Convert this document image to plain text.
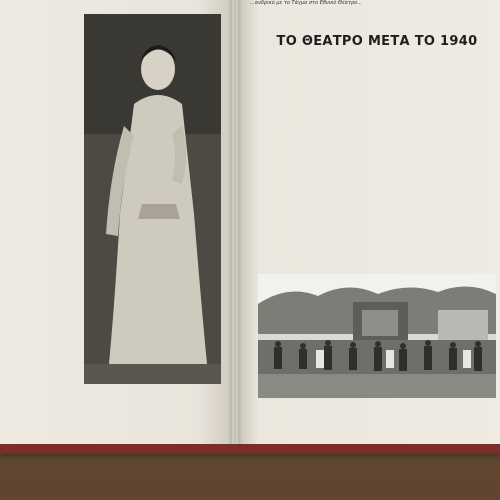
...ανδρικό με το Τάγμα στο Εθνικό Θέατρο...
ΤΟ ΘΕΑΤΡΟ ΜΕΤΑ ΤΟ 1940
